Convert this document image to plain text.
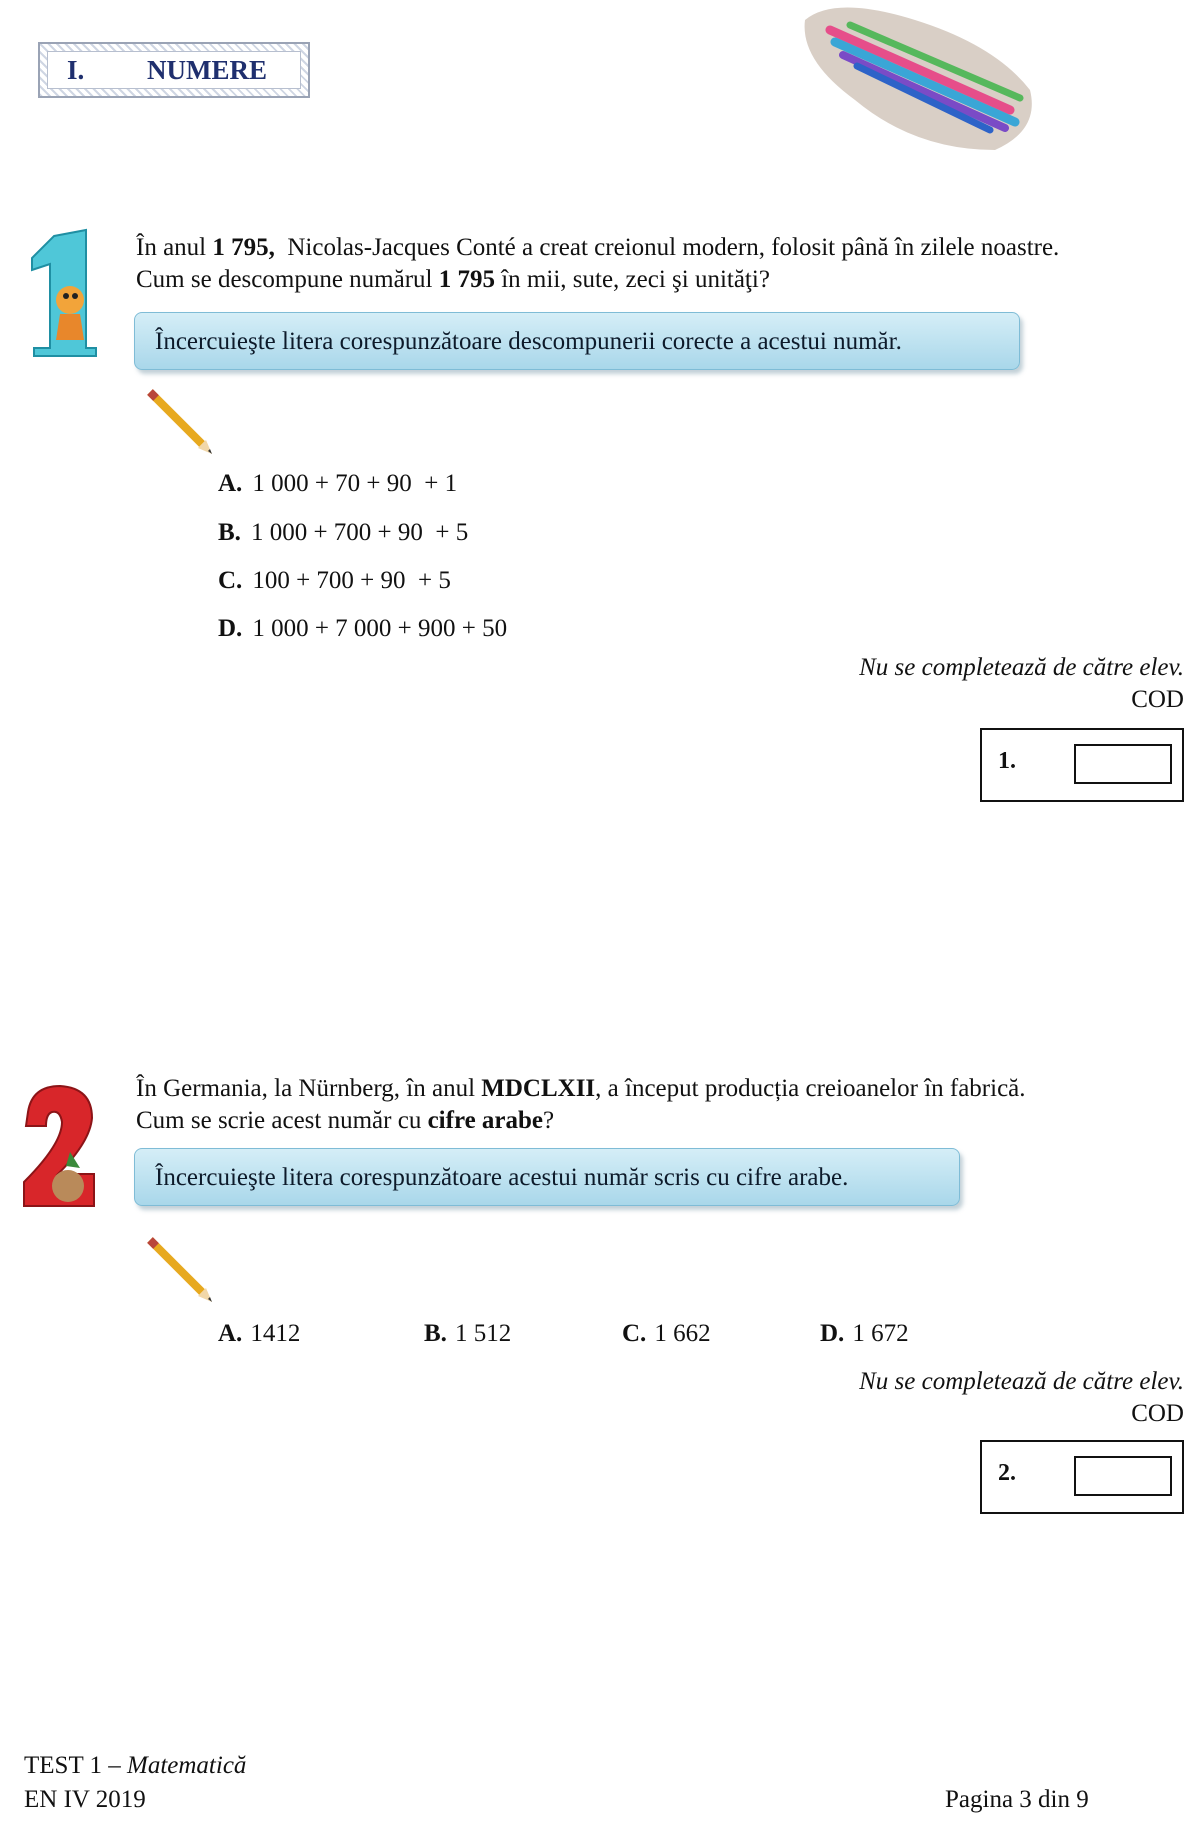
I.	NUMERE
În anul 1 795,  Nicolas-Jacques Conté a creat creionul modern, folosit până în zilele noastre.
Cum se descompune numărul 1 795 în mii, sute, zeci şi unităţi?
Încercuieşte litera corespunzătoare descompunerii corecte a acestui număr.
A. 1 000 + 70 + 90  + 1
B. 1 000 + 700 + 90  + 5
C. 100 + 700 + 90  + 5
D. 1 000 + 7 000 + 900 + 50
Nu se completează de către elev.
COD
1.
În Germania, la Nürnberg, în anul MDCLXII, a început producția creioanelor în fabrică.
Cum se scrie acest număr cu cifre arabe?
Încercuieşte litera corespunzătoare acestui număr scris cu cifre arabe.
A. 1412	B. 1 512	C. 1 662	D. 1 672
Nu se completează de către elev.
COD
2.
TEST 1 – Matematică
EN IV 2019	Pagina 3 din 9
